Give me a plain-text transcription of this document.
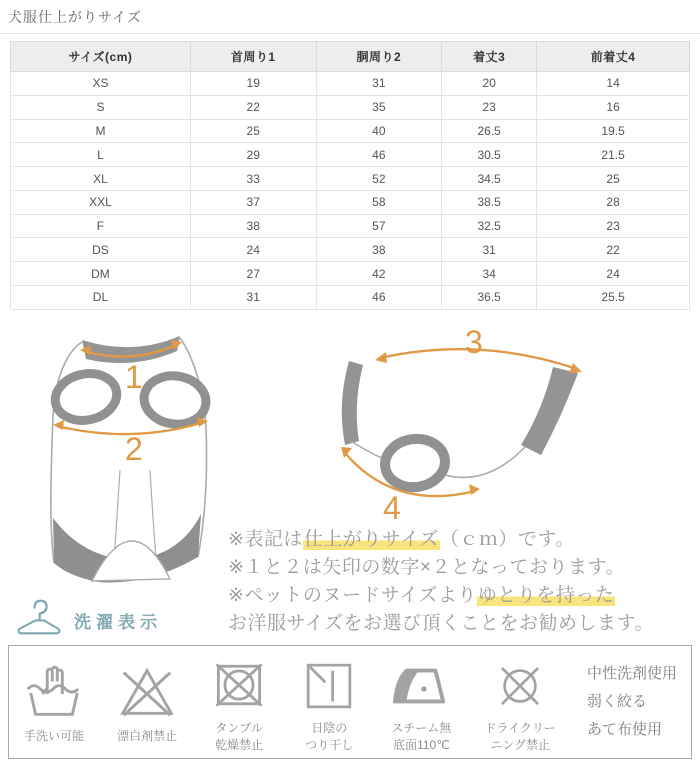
犬服仕上がりサイズ
サイズ(cm)	首周り1	胴周り2	着丈3	前着丈4
XS	19	31	20	14
S	22	35	23	16
M	25	40	26.5	19.5
L	29	46	30.5	21.5
XL	33	52	34.5	25
XXL	37	58	38.5	28
F	38	57	32.5	23
DS	24	38	31	22
DM	27	42	34	24
DL	31	46	36.5	25.5
1
2
3
4
※表記は仕上がりサイズ（ｃｍ）です。
※１と２は矢印の数字×２となっております。
※ペットのヌードサイズよりゆとりを持った
お洋服サイズをお選び頂くことをお勧めします。
洗濯表示
手洗い可能	漂白剤禁止
タンブル
乾燥禁止
日陰の
つり干し
スチーム無
底面110℃
ドライクリー
ニング禁止
中性洗剤使用
弱く絞る
あて布使用
